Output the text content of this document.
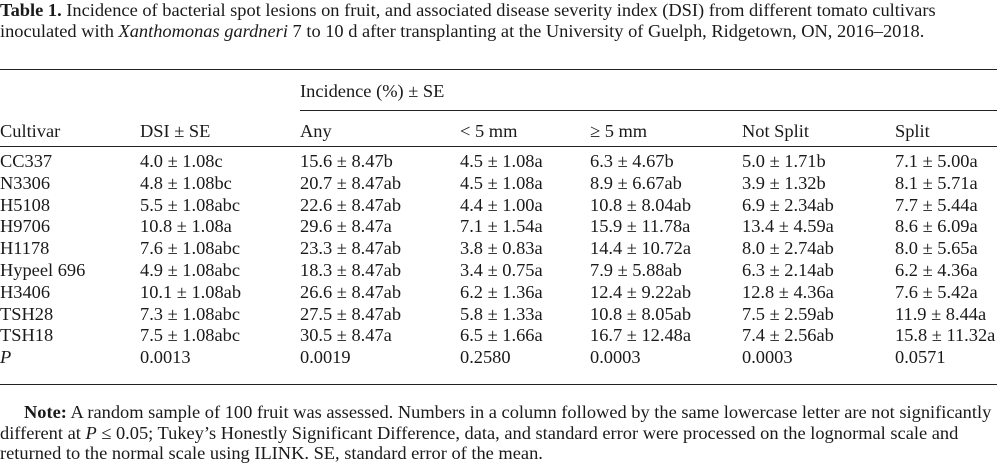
Table 1. Incidence of bacterial spot lesions on fruit, and associated disease severity index (DSI) from different tomato cultivars inoculated with Xanthomonas gardneri 7 to 10 d after transplanting at the University of Guelph, Ridgetown, ON, 2016–2018.

Incidence (%) ± SE
Cultivar	DSI ± SE	Any	< 5 mm	≥ 5 mm	Not Split	Split
CC337	4.0 ± 1.08c	15.6 ± 8.47b	4.5 ± 1.08a	6.3 ± 4.67b	5.0 ± 1.71b	7.1 ± 5.00a
N3306	4.8 ± 1.08bc	20.7 ± 8.47ab	4.5 ± 1.08a	8.9 ± 6.67ab	3.9 ± 1.32b	8.1 ± 5.71a
H5108	5.5 ± 1.08abc	22.6 ± 8.47ab	4.4 ± 1.00a	10.8 ± 8.04ab	6.9 ± 2.34ab	7.7 ± 5.44a
H9706	10.8 ± 1.08a	29.6 ± 8.47a	7.1 ± 1.54a	15.9 ± 11.78a	13.4 ± 4.59a	8.6 ± 6.09a
H1178	7.6 ± 1.08abc	23.3 ± 8.47ab	3.8 ± 0.83a	14.4 ± 10.72a	8.0 ± 2.74ab	8.0 ± 5.65a
Hypeel 696	4.9 ± 1.08abc	18.3 ± 8.47ab	3.4 ± 0.75a	7.9 ± 5.88ab	6.3 ± 2.14ab	6.2 ± 4.36a
H3406	10.1 ± 1.08ab	26.6 ± 8.47ab	6.2 ± 1.36a	12.4 ± 9.22ab	12.8 ± 4.36a	7.6 ± 5.42a
TSH28	7.3 ± 1.08abc	27.5 ± 8.47ab	5.8 ± 1.33a	10.8 ± 8.05ab	7.5 ± 2.59ab	11.9 ± 8.44a
TSH18	7.5 ± 1.08abc	30.5 ± 8.47a	6.5 ± 1.66a	16.7 ± 12.48a	7.4 ± 2.56ab	15.8 ± 11.32a
P	0.0013	0.0019	0.2580	0.0003	0.0003	0.0571
Note: A random sample of 100 fruit was assessed. Numbers in a column followed by the same lowercase letter are not significantly different at P ≤ 0.05; Tukey’s Honestly Significant Difference, data, and standard error were processed on the lognormal scale and returned to the normal scale using ILINK. SE, standard error of the mean.
